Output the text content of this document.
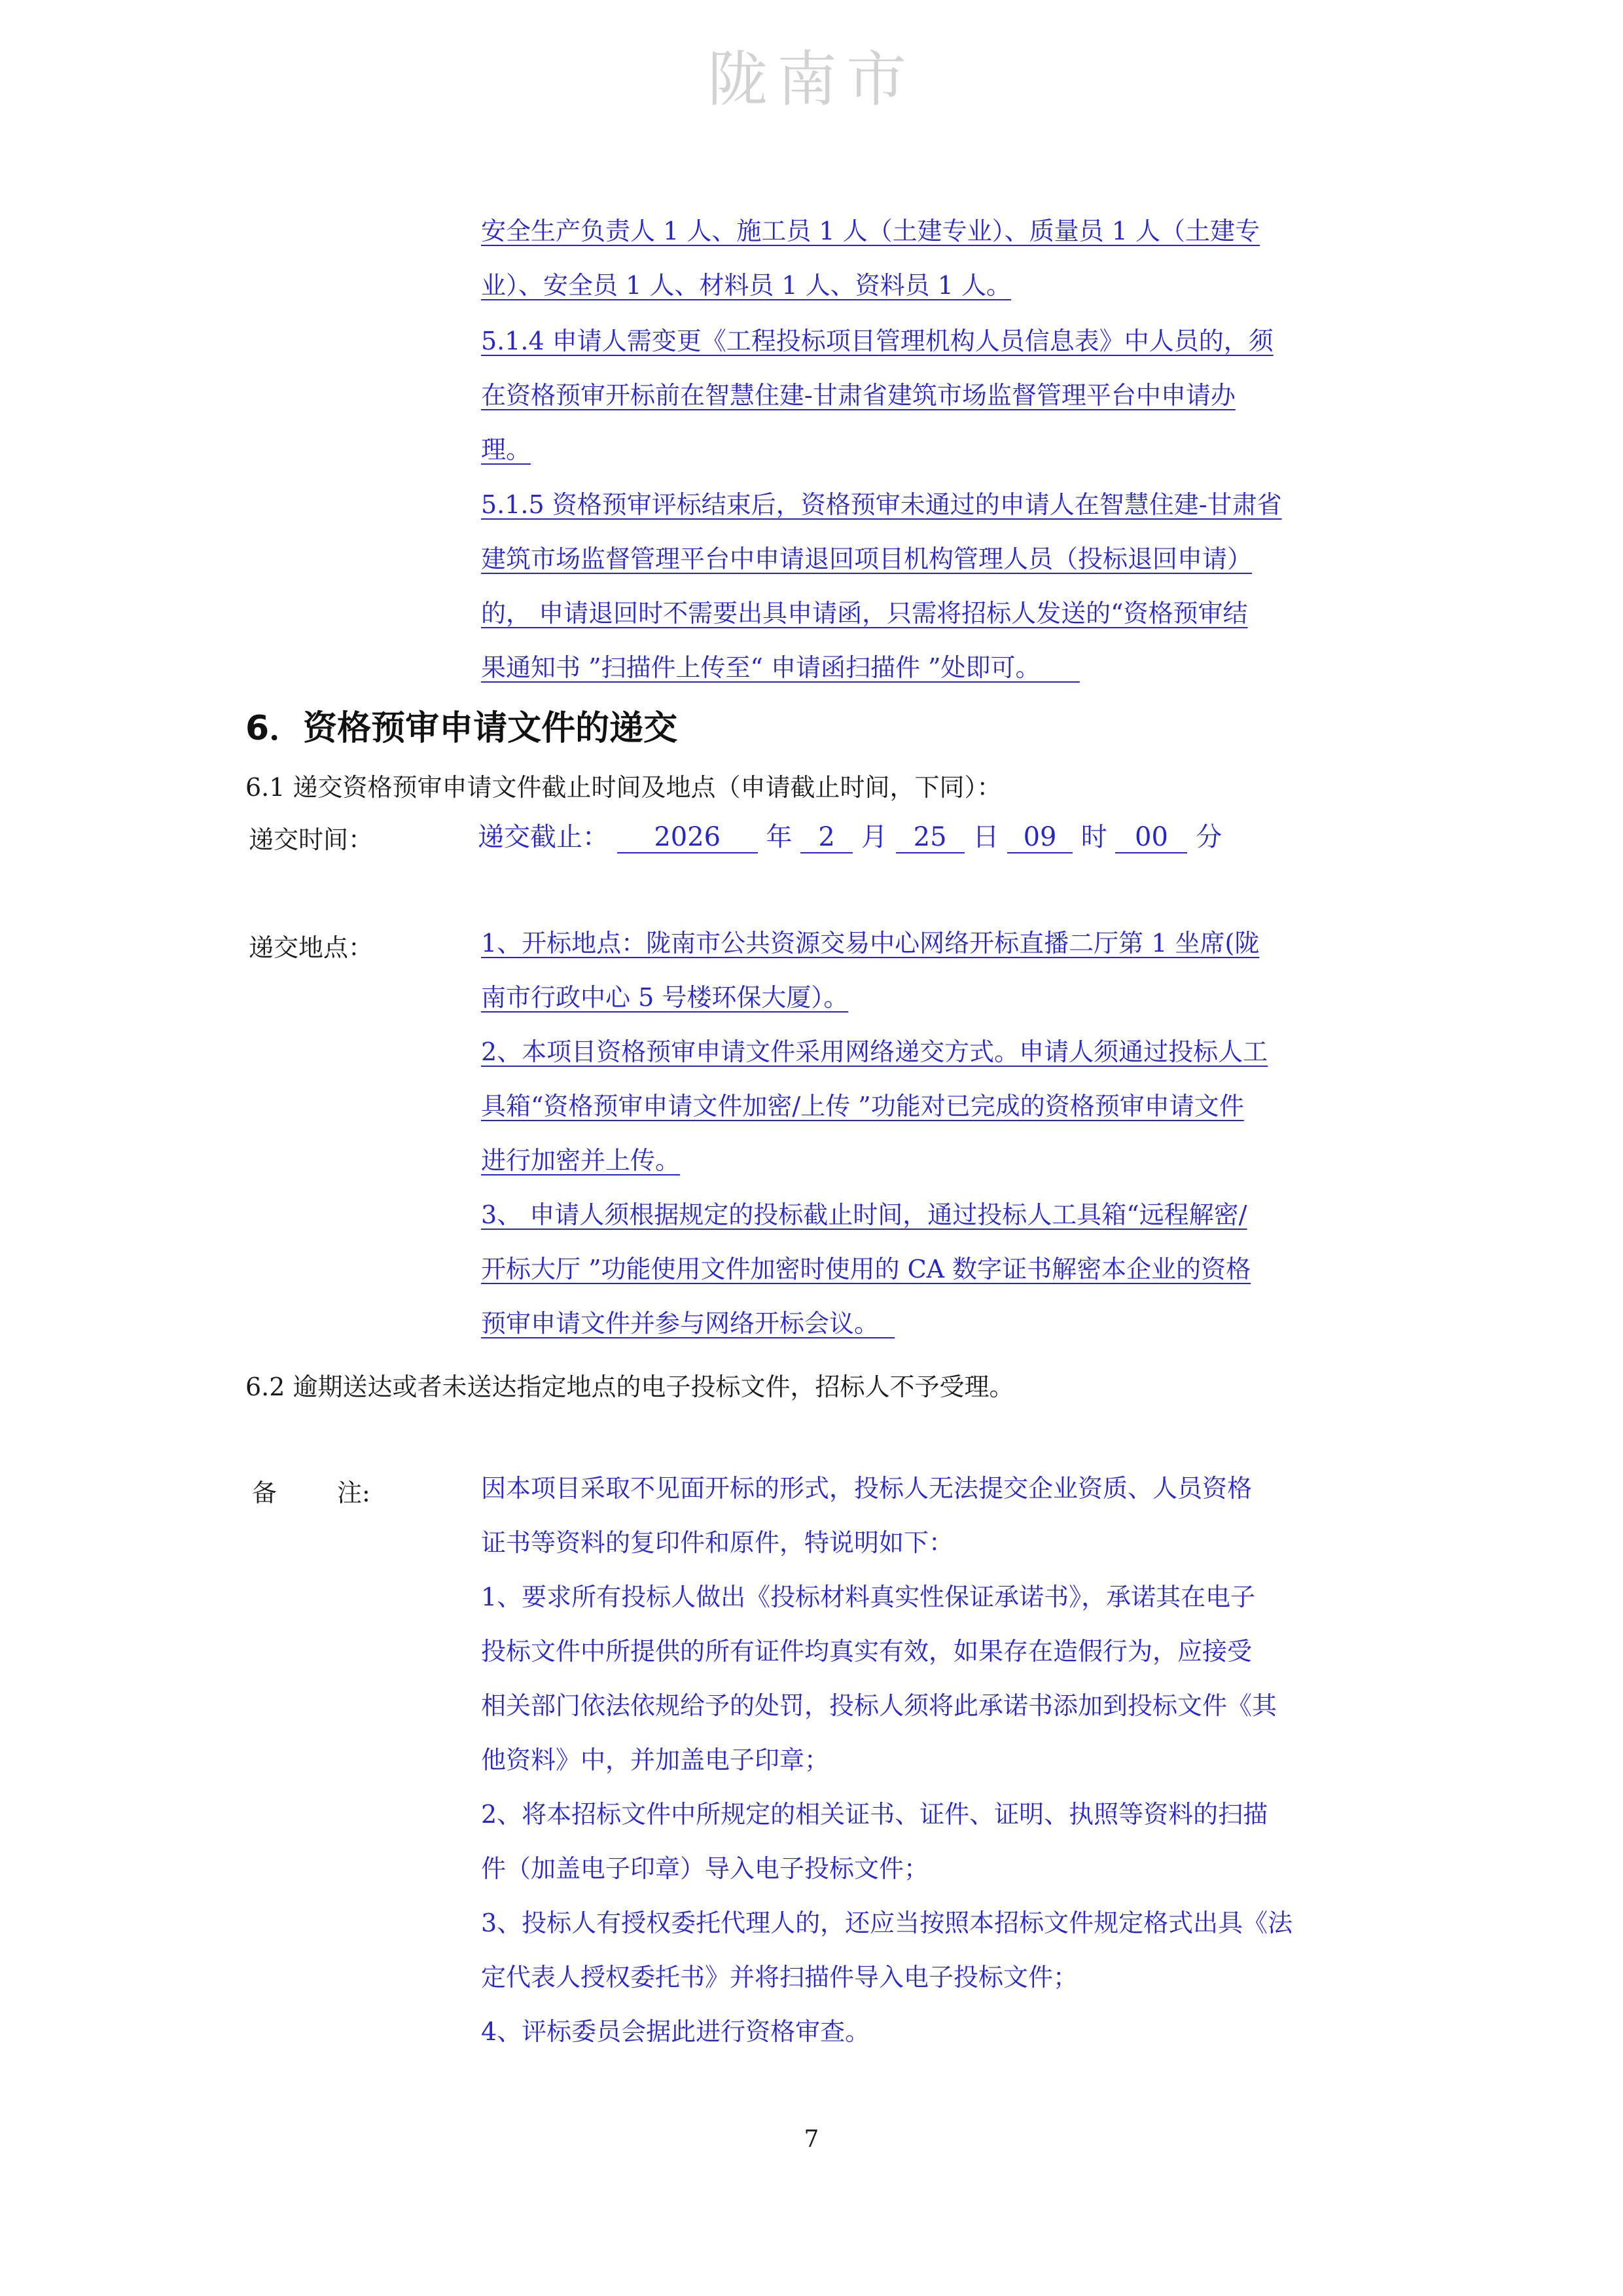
陇南市
安全生产负责人 1 人、施工员 1 人（土建专业）、质量员 1 人（土建专
业）、安全员 1 人、材料员 1 人、资料员 1 人。
5.1.4 申请人需变更《工程投标项目管理机构人员信息表》中人员的，须
在资格预审开标前在智慧住建-甘肃省建筑市场监督管理平台中申请办
理。
5.1.5 资格预审评标结束后，资格预审未通过的申请人在智慧住建-甘肃省
建筑市场监督管理平台中申请退回项目机构管理人员（投标退回申请）
的， 申请退回时不需要出具申请函，只需将招标人发送的“资格预审结
果通知书 ”扫描件上传至“ 申请函扫描件 ”处即可。
6．资格预审申请文件的递交
6.1 递交资格预审申请文件截止时间及地点（申请截止时间，下同）：
递交时间：	递交截止： 2026 年 2 月 25 日 09 时 00 分
递交地点：	1、开标地点：陇南市公共资源交易中心网络开标直播二厅第 1 坐席(陇
南市行政中心 5 号楼环保大厦）。
2、本项目资格预审申请文件采用网络递交方式。申请人须通过投标人工
具箱“资格预审申请文件加密/上传 ”功能对已完成的资格预审申请文件
进行加密并上传。
3、 申请人须根据规定的投标截止时间，通过投标人工具箱“远程解密/
开标大厅 ”功能使用文件加密时使用的 CA 数字证书解密本企业的资格
预审申请文件并参与网络开标会议。
6.2 逾期送达或者未送达指定地点的电子投标文件，招标人不予受理。
备 注:	因本项目采取不见面开标的形式，投标人无法提交企业资质、人员资格
证书等资料的复印件和原件，特说明如下：
1、要求所有投标人做出《投标材料真实性保证承诺书》，承诺其在电子
投标文件中所提供的所有证件均真实有效，如果存在造假行为，应接受
相关部门依法依规给予的处罚，投标人须将此承诺书添加到投标文件《其
他资料》中，并加盖电子印章；
2、将本招标文件中所规定的相关证书、证件、证明、执照等资料的扫描
件（加盖电子印章）导入电子投标文件；
3、投标人有授权委托代理人的，还应当按照本招标文件规定格式出具《法
定代表人授权委托书》并将扫描件导入电子投标文件；
4、评标委员会据此进行资格审查。
7
